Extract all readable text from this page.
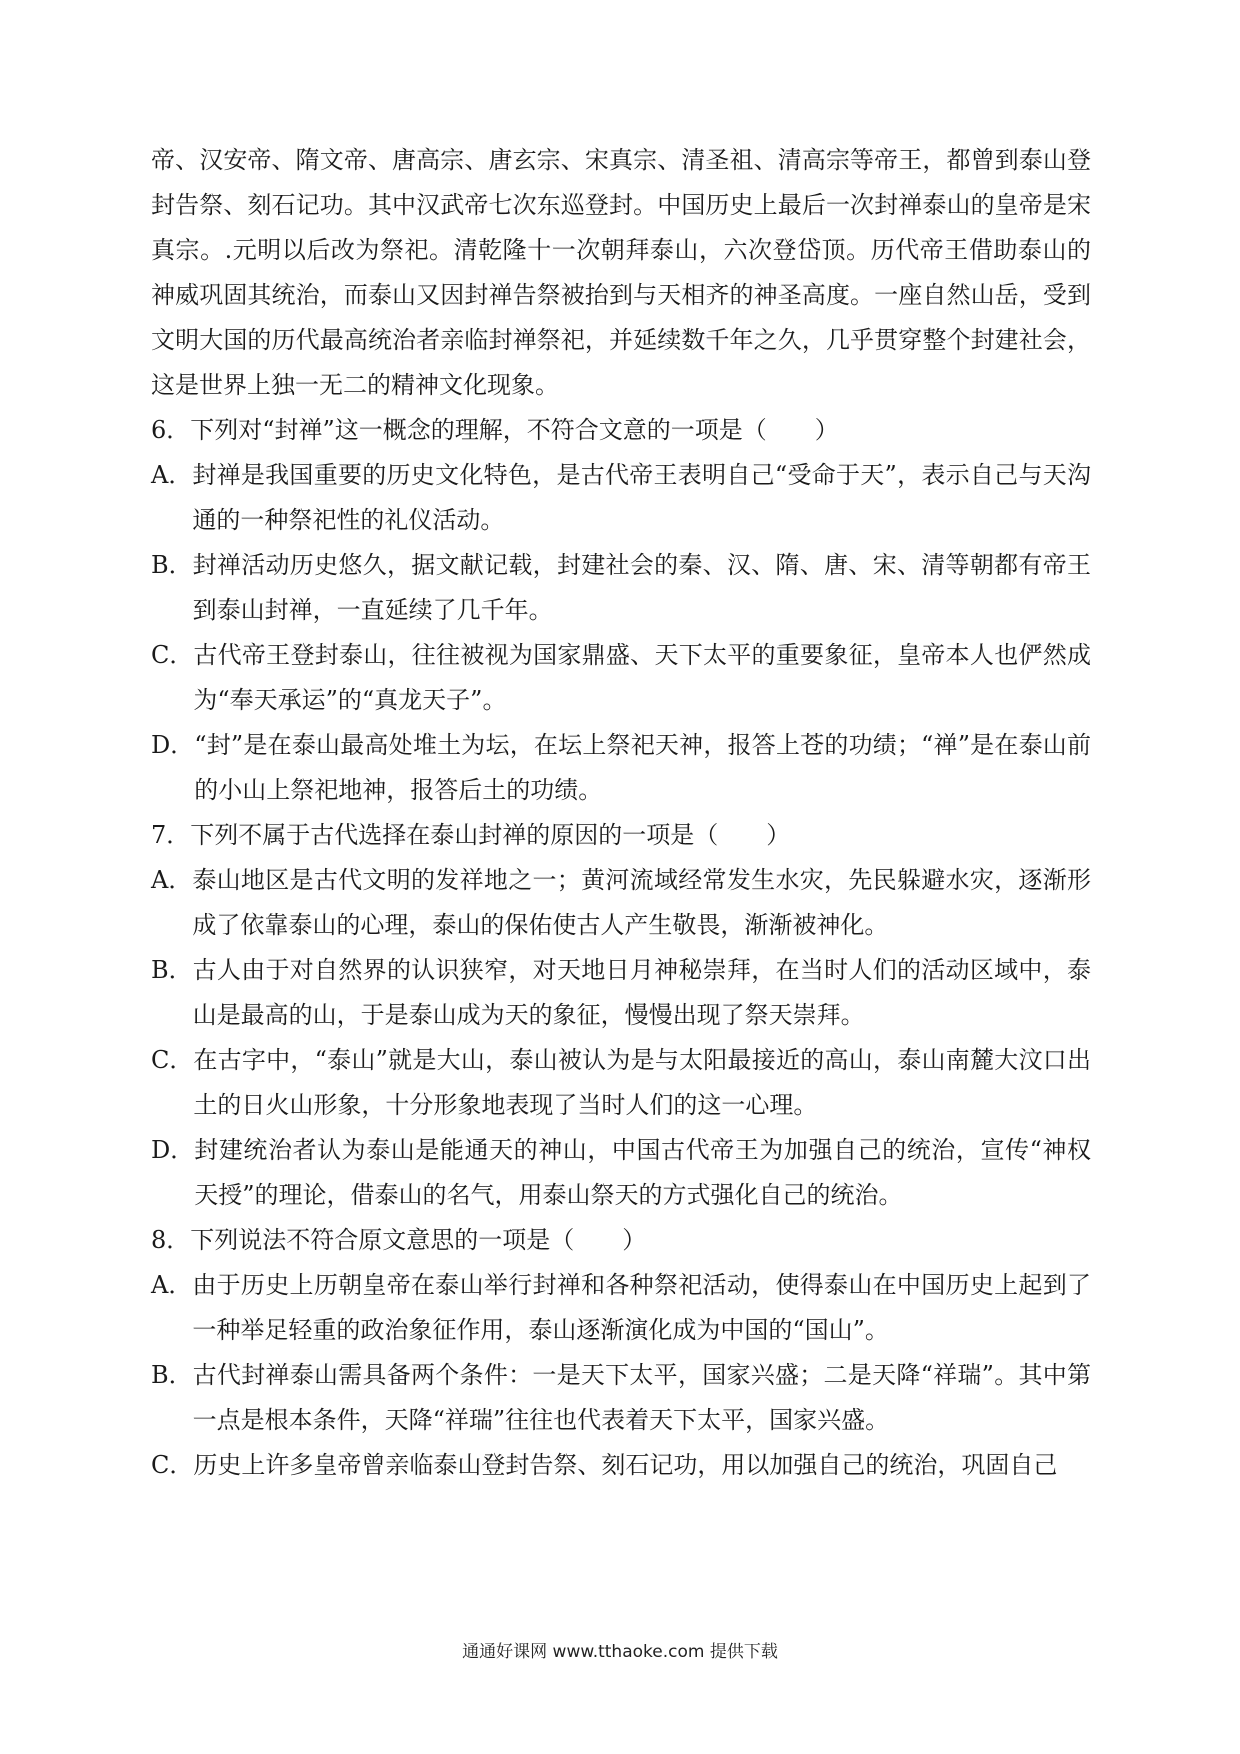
帝、汉安帝、隋文帝、唐高宗、唐玄宗、宋真宗、清圣祖、清高宗等帝王，都曾到泰山登封告祭、刻石记功。其中汉武帝七次东巡登封。中国历史上最后一次封禅泰山的皇帝是宋真宗。.元明以后改为祭祀。清乾隆十一次朝拜泰山，六次登岱顶。历代帝王借助泰山的神威巩固其统治，而泰山又因封禅告祭被抬到与天相齐的神圣高度。一座自然山岳，受到文明大国的历代最高统治者亲临封禅祭祀，并延续数千年之久，几乎贯穿整个封建社会，这是世界上独一无二的精神文化现象。

6．下列对“封禅”这一概念的理解，不符合文意的一项是（　　）

A． 封禅是我国重要的历史文化特色，是古代帝王表明自己“受命于天”，表示自己与天沟通的一种祭祀性的礼仪活动。
B． 封禅活动历史悠久，据文献记载，封建社会的秦、汉、隋、唐、宋、清等朝都有帝王到泰山封禅，一直延续了几千年。
C． 古代帝王登封泰山，往往被视为国家鼎盛、天下太平的重要象征，皇帝本人也俨然成为“奉天承运”的“真龙天子”。
D． “封”是在泰山最高处堆土为坛，在坛上祭祀天神，报答上苍的功绩；“禅”是在泰山前的小山上祭祀地神，报答后土的功绩。

7．下列不属于古代选择在泰山封禅的原因的一项是（　　）

A． 泰山地区是古代文明的发祥地之一；黄河流域经常发生水灾，先民躲避水灾，逐渐形成了依靠泰山的心理，泰山的保佑使古人产生敬畏，渐渐被神化。
B． 古人由于对自然界的认识狭窄，对天地日月神秘崇拜，在当时人们的活动区域中，泰山是最高的山，于是泰山成为天的象征，慢慢出现了祭天崇拜。
C． 在古字中，“泰山”就是大山，泰山被认为是与太阳最接近的高山，泰山南麓大汶口出土的日火山形象，十分形象地表现了当时人们的这一心理。
D． 封建统治者认为泰山是能通天的神山，中国古代帝王为加强自己的统治，宣传“神权天授”的理论，借泰山的名气，用泰山祭天的方式强化自己的统治。

8．下列说法不符合原文意思的一项是（　　）

A． 由于历史上历朝皇帝在泰山举行封禅和各种祭祀活动，使得泰山在中国历史上起到了一种举足轻重的政治象征作用，泰山逐渐演化成为中国的“国山”。
B． 古代封禅泰山需具备两个条件：一是天下太平，国家兴盛；二是天降“祥瑞”。其中第一点是根本条件，天降“祥瑞”往往也代表着天下太平，国家兴盛。
C． 历史上许多皇帝曾亲临泰山登封告祭、刻石记功，用以加强自己的统治，巩固自己
通通好课网 www.tthaoke.com 提供下载
